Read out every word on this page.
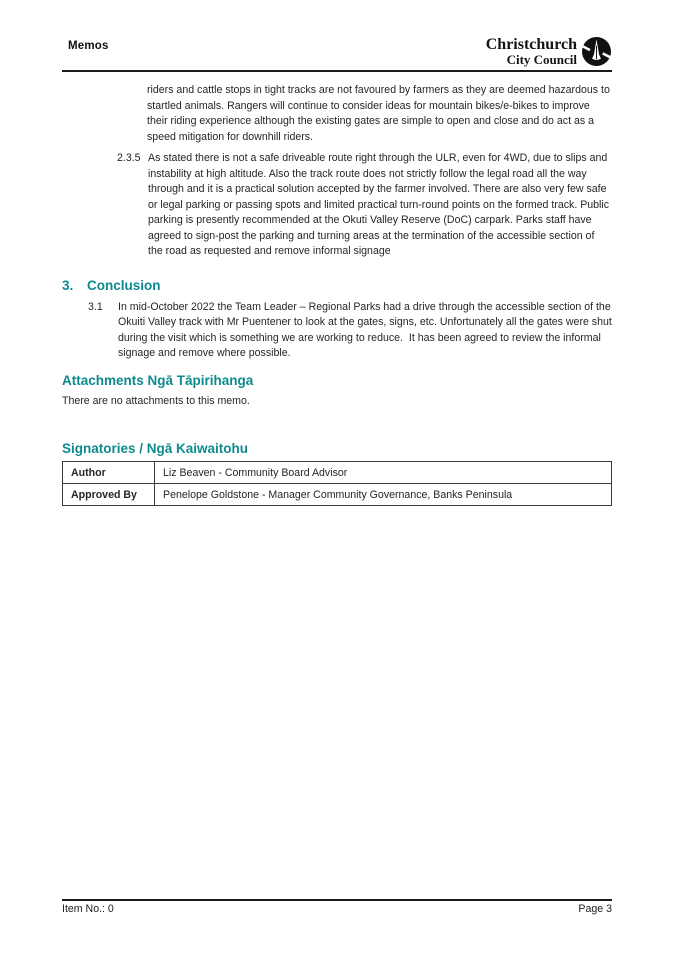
Memos	Christchurch
City Council

riders and cattle stops in tight tracks are not favoured by farmers as they are deemed hazardous to startled animals. Rangers will continue to consider ideas for mountain bikes/e-bikes to improve their riding experience although the existing gates are simple to open and close and do act as a speed mitigation for downhill riders.

2.3.5 As stated there is not a safe driveable route right through the ULR, even for 4WD, due to slips and instability at high altitude. Also the track route does not strictly follow the legal road all the way through and it is a practical solution accepted by the farmer involved. There are also very few safe or legal parking or passing spots and limited practical turn-round points on the formed track. Public parking is presently recommended at the Okuti Valley Reserve (DoC) carpark. Parks staff have agreed to sign-post the parking and turning areas at the termination of the accessible section of the road as requested and remove informal signage
3. Conclusion
3.1	In mid-October 2022 the Team Leader – Regional Parks had a drive through the accessible section of the Okuiti Valley track with Mr Puentener to look at the gates, signs, etc. Unfortunately all the gates were shut during the visit which is something we are working to reduce.  It has been agreed to review the informal signage and remove where possible.
Attachments Ngā Tāpirihanga
There are no attachments to this memo.
Signatories / Ngā Kaiwaitohu
Author	Liz Beaven - Community Board Advisor
Approved By	Penelope Goldstone - Manager Community Governance, Banks Peninsula
Item No.: 0	Page 3
